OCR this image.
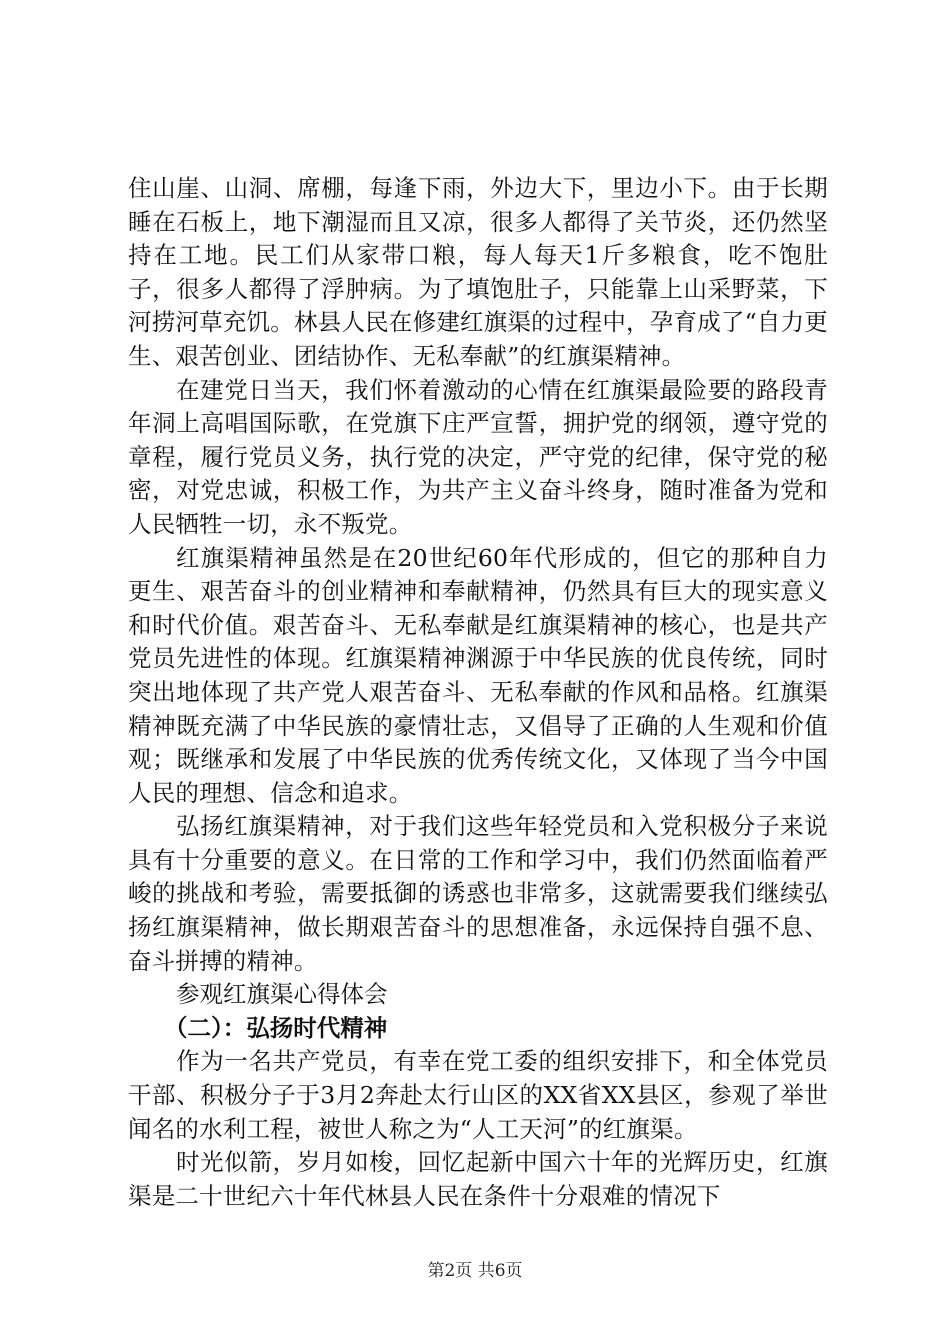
住山崖、山洞、席棚，每逢下雨，外边大下，里边小下。由于长期睡在石板上，地下潮湿而且又凉，很多人都得了关节炎，还仍然坚持在工地。民工们从家带口粮，每人每天1斤多粮食，吃不饱肚子，很多人都得了浮肿病。为了填饱肚子，只能靠上山采野菜，下河捞河草充饥。林县人民在修建红旗渠的过程中，孕育成了“自力更生、艰苦创业、团结协作、无私奉献”的红旗渠精神。

在建党日当天，我们怀着激动的心情在红旗渠最险要的路段青年洞上高唱国际歌，在党旗下庄严宣誓，拥护党的纲领，遵守党的章程，履行党员义务，执行党的决定，严守党的纪律，保守党的秘密，对党忠诚，积极工作，为共产主义奋斗终身，随时准备为党和人民牺牲一切，永不叛党。

红旗渠精神虽然是在20世纪60年代形成的，但它的那种自力更生、艰苦奋斗的创业精神和奉献精神，仍然具有巨大的现实意义和时代价值。艰苦奋斗、无私奉献是红旗渠精神的核心，也是共产党员先进性的体现。红旗渠精神渊源于中华民族的优良传统，同时突出地体现了共产党人艰苦奋斗、无私奉献的作风和品格。红旗渠精神既充满了中华民族的豪情壮志，又倡导了正确的人生观和价值观；既继承和发展了中华民族的优秀传统文化，又体现了当今中国人民的理想、信念和追求。

弘扬红旗渠精神，对于我们这些年轻党员和入党积极分子来说具有十分重要的意义。在日常的工作和学习中，我们仍然面临着严峻的挑战和考验，需要抵御的诱惑也非常多，这就需要我们继续弘扬红旗渠精神，做长期艰苦奋斗的思想准备，永远保持自强不息、奋斗拼搏的精神。

参观红旗渠心得体会

（二）：弘扬时代精神

作为一名共产党员，有幸在党工委的组织安排下，和全体党员干部、积极分子于3月2奔赴太行山区的XX省XX县区，参观了举世闻名的水利工程，被世人称之为“人工天河”的红旗渠。

时光似箭，岁月如梭，回忆起新中国六十年的光辉历史，红旗渠是二十世纪六十年代林县人民在条件十分艰难的情况下

第2页 共6页
